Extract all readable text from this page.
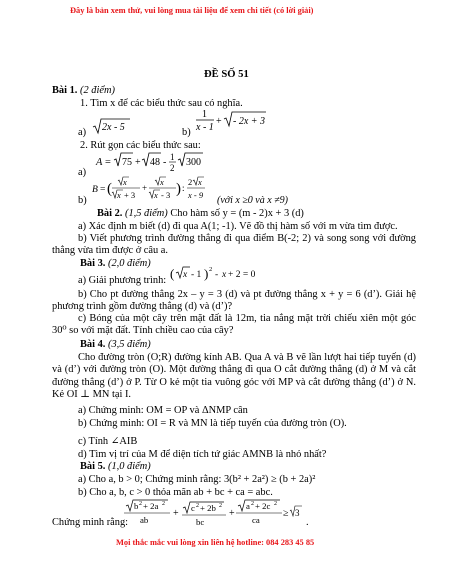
Đây là bản xem thử, vui lòng mua tài liệu để xem chi tiết (có lời giải)
ĐỀ SỐ 51
Bài 1. (2 điểm)
1. Tìm x để các biểu thức sau có nghĩa.
a) 2x - 5	b)
1
x - 1
+ - 2x + 3
2. Rút gọn các biểu thức sau:
a)
A = 75 + 48 - 1
2 300
b)
B = ( x
x + 3
+
x
x - 3 ) :
2 x
x - 9 (với x ≥0 và x ≠9)
Bài 2. (1,5 điểm) Cho hàm số y = (m - 2)x + 3 (d)
a) Xác định m biết (d) đi qua A(1; -1). Vẽ đồ thị hàm số với m vừa tìm được.
b) Viết phương trình đường thẳng đi qua điểm B(-2; 2) và song song với đường thẳng vừa tìm được ở câu a.
Bài 3. (2,0 điểm)
a) Giải phương trình: ( x - 1 ) 2
- x + 2 = 0
b) Cho pt đường thẳng 2x – y = 3 (d) và pt đường thẳng x + y = 6 (d’). Giải hệ phương trình gồm đường thẳng (d) và (d’)?
c) Bóng của một cây trên mặt đất là 12m, tia nắng mặt trời chiếu xiên một góc 30⁰ so với mặt đất. Tính chiều cao của cây?
Bài 4. (3,5 điểm)
Cho đường tròn (O;R) đường kính AB. Qua A và B vẽ lần lượt hai tiếp tuyến (d) và (d’) với đường tròn (O). Một đường thẳng đi qua O cắt đường thẳng (d) ở M và cắt đường thẳng (d’) ở P. Từ O kẻ một tia vuông góc với MP và cắt đường thẳng (d’) ở N. Kẻ OI ⊥ MN tại I.
a) Chứng minh: OM = OP và ΔNMP cân
b) Chứng minh: OI = R và MN là tiếp tuyến của đường tròn (O).
c) Tính ∠AIB
d) Tìm vị trí của M để diện tích tứ giác AMNB là nhỏ nhất?
Bài 5. (1,0 điểm)
a) Cho a, b > 0; Chứng minh rằng: 3(b² + 2a²) ≥ (b + 2a)²
b) Cho a, b, c > 0 thỏa mãn ab + bc + ca = abc.
Chứng minh rằng:
b 2 + 2a 2
ab
+ c 2 + 2b 2
bc
+
a 2 + 2c 2
ca
≥ 3
.
Mọi thắc mắc vui lòng xin liên hệ hotline: 084 283 45 85
